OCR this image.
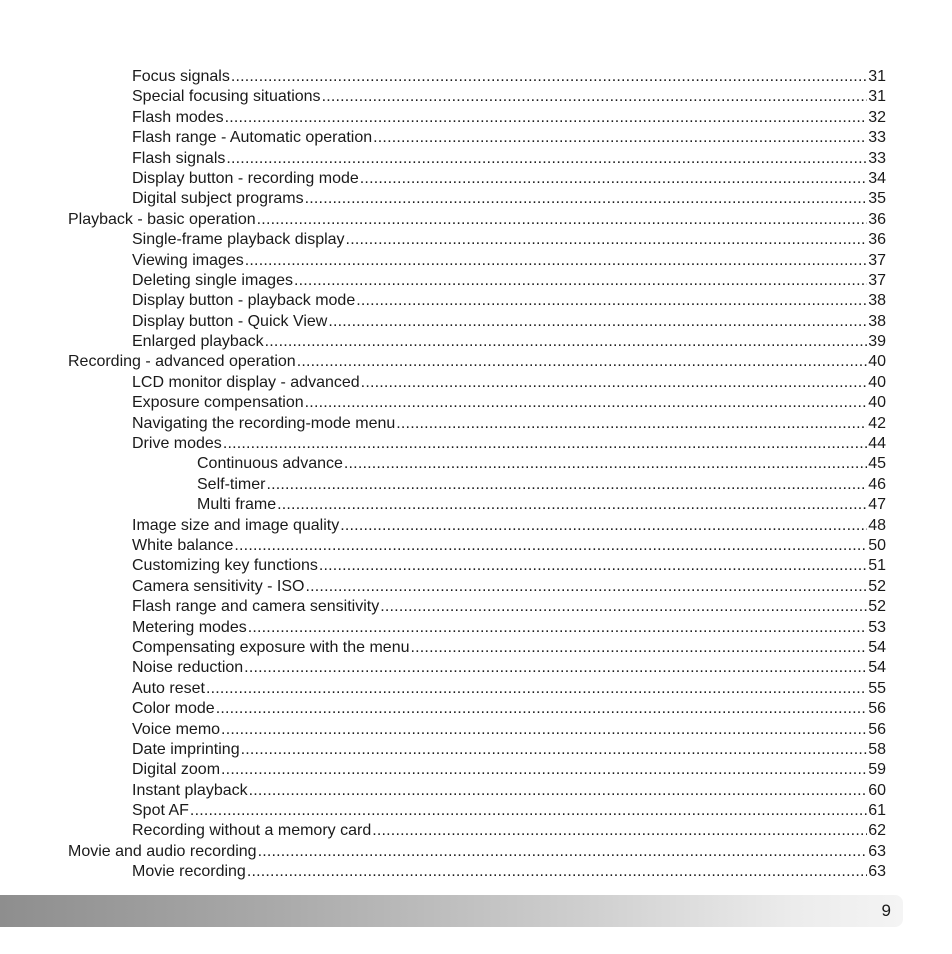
Focus signals .....	31
Special focusing situations .....	31
Flash modes .....	32
Flash range - Automatic operation .....	33
Flash signals .....	33
Display button - recording mode .....	34
Digital subject programs .....	35
Playback - basic operation .....	36
Single-frame playback display .....	36
Viewing images .....	37
Deleting single images .....	37
Display button - playback mode .....	38
Display button - Quick View .....	38
Enlarged playback .....	39
Recording - advanced operation .....	40
LCD monitor display - advanced .....	40
Exposure compensation .....	40
Navigating the recording-mode menu .....	42
Drive modes .....	44
Continuous advance .....	45
Self-timer .....	46
Multi frame .....	47
Image size and image quality .....	48
White balance .....	50
Customizing key functions .....	51
Camera sensitivity - ISO .....	52
Flash range and camera sensitivity .....	52
Metering modes .....	53
Compensating exposure with the menu .....	54
Noise reduction .....	54
Auto reset .....	55
Color mode .....	56
Voice memo .....	56
Date imprinting .....	58
Digital zoom .....	59
Instant playback .....	60
Spot AF .....	61
Recording without a memory card .....	62
Movie and audio recording .....	63
Movie recording .....	63
9
